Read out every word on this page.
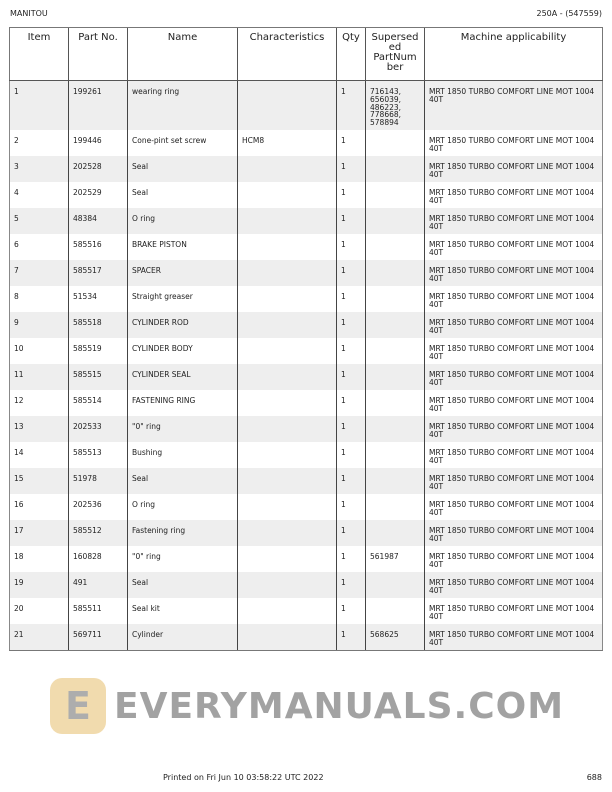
MANITOU	250A - (547559)
Item	Part No.	Name	Characteristics	Qty	Supersed ed PartNum ber	Machine applicability
1	199261	wearing ring		1	716143, 656039, 486223, 778668, 578894	MRT 1850 TURBO COMFORT LINE MOT 1004 40T
2	199446	Cone-pint set screw	HCM8	1		MRT 1850 TURBO COMFORT LINE MOT 1004 40T
3	202528	Seal		1		MRT 1850 TURBO COMFORT LINE MOT 1004 40T
4	202529	Seal		1		MRT 1850 TURBO COMFORT LINE MOT 1004 40T
5	48384	O ring		1		MRT 1850 TURBO COMFORT LINE MOT 1004 40T
6	585516	BRAKE PISTON		1		MRT 1850 TURBO COMFORT LINE MOT 1004 40T
7	585517	SPACER		1		MRT 1850 TURBO COMFORT LINE MOT 1004 40T
8	51534	Straight greaser		1		MRT 1850 TURBO COMFORT LINE MOT 1004 40T
9	585518	CYLINDER ROD		1		MRT 1850 TURBO COMFORT LINE MOT 1004 40T
10	585519	CYLINDER BODY		1		MRT 1850 TURBO COMFORT LINE MOT 1004 40T
11	585515	CYLINDER SEAL		1		MRT 1850 TURBO COMFORT LINE MOT 1004 40T
12	585514	FASTENING RING		1		MRT 1850 TURBO COMFORT LINE MOT 1004 40T
13	202533	"0" ring		1		MRT 1850 TURBO COMFORT LINE MOT 1004 40T
14	585513	Bushing		1		MRT 1850 TURBO COMFORT LINE MOT 1004 40T
15	51978	Seal		1		MRT 1850 TURBO COMFORT LINE MOT 1004 40T
16	202536	O ring		1		MRT 1850 TURBO COMFORT LINE MOT 1004 40T
17	585512	Fastening ring		1		MRT 1850 TURBO COMFORT LINE MOT 1004 40T
18	160828	"0" ring		1	561987	MRT 1850 TURBO COMFORT LINE MOT 1004 40T
19	491	Seal		1		MRT 1850 TURBO COMFORT LINE MOT 1004 40T
20	585511	Seal kit		1		MRT 1850 TURBO COMFORT LINE MOT 1004 40T
21	569711	Cylinder		1	568625	MRT 1850 TURBO COMFORT LINE MOT 1004 40T
E EVERYMANUALS.COM
Printed on Fri Jun 10 03:58:22 UTC 2022	688
